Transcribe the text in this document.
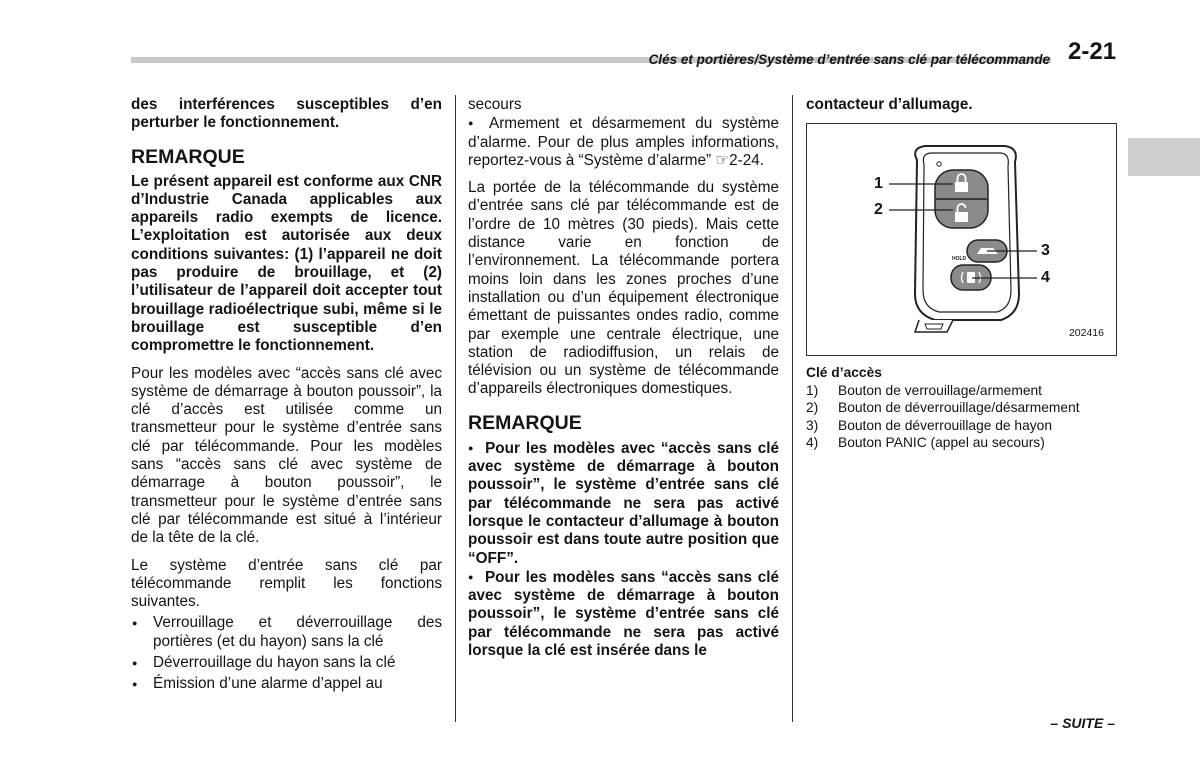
Clés et portières/Système d’entrée sans clé par télécommande 2-21

des interférences susceptibles d’en perturber le fonctionnement.

REMARQUE

Le présent appareil est conforme aux CNR d’Industrie Canada applicables aux appareils radio exempts de licence. L’exploitation est autorisée aux deux conditions suivantes: (1) l’appareil ne doit pas produire de brouillage, et (2) l’utilisateur de l’appareil doit accepter tout brouillage radioélectrique subi, même si le brouillage est susceptible d’en compromettre le fonctionnement.

Pour les modèles avec “accès sans clé avec système de démarrage à bouton poussoir”, la clé d’accès est utilisée comme un transmetteur pour le système d’entrée sans clé par télécommande. Pour les modèles sans “accès sans clé avec système de démarrage à bouton poussoir”, le transmetteur pour le système d’entrée sans clé par télécommande est situé à l’intérieur de la tête de la clé.

Le système d’entrée sans clé par télécommande remplit les fonctions suivantes.

● Verrouillage et déverrouillage des portières (et du hayon) sans la clé

● Déverrouillage du hayon sans la clé

● Émission d’une alarme d’appel au

secours

● Armement et désarmement du système d’alarme. Pour de plus amples informations, reportez-vous à “Système d’alarme” ☞2-24.

La portée de la télécommande du système d’entrée sans clé par télécommande est de l’ordre de 10 mètres (30 pieds). Mais cette distance varie en fonction de l’environnement. La télécommande portera moins loin dans les zones proches d’une installation ou d’un équipement électronique émettant de puissantes ondes radio, comme par exemple une centrale électrique, une station de radiodiffusion, un relais de télévision ou un système de télécommande d’appareils électroniques domestiques.

REMARQUE

● Pour les modèles avec “accès sans clé avec système de démarrage à bouton poussoir”, le système d’entrée sans clé par télécommande ne sera pas activé lorsque le contacteur d’allumage à bouton poussoir est dans toute autre position que “OFF”.

● Pour les modèles sans “accès sans clé avec système de démarrage à bouton poussoir”, le système d’entrée sans clé par télécommande ne sera pas activé lorsque la clé est insérée dans le

contacteur d’allumage.

HOLD
1
2
3
4
202416
Clé d’accès
1)	Bouton de verrouillage/armement
2)	Bouton de déverrouillage/désarmement
3)	Bouton de déverrouillage de hayon
4)	Bouton PANIC (appel au secours)
– SUITE –
